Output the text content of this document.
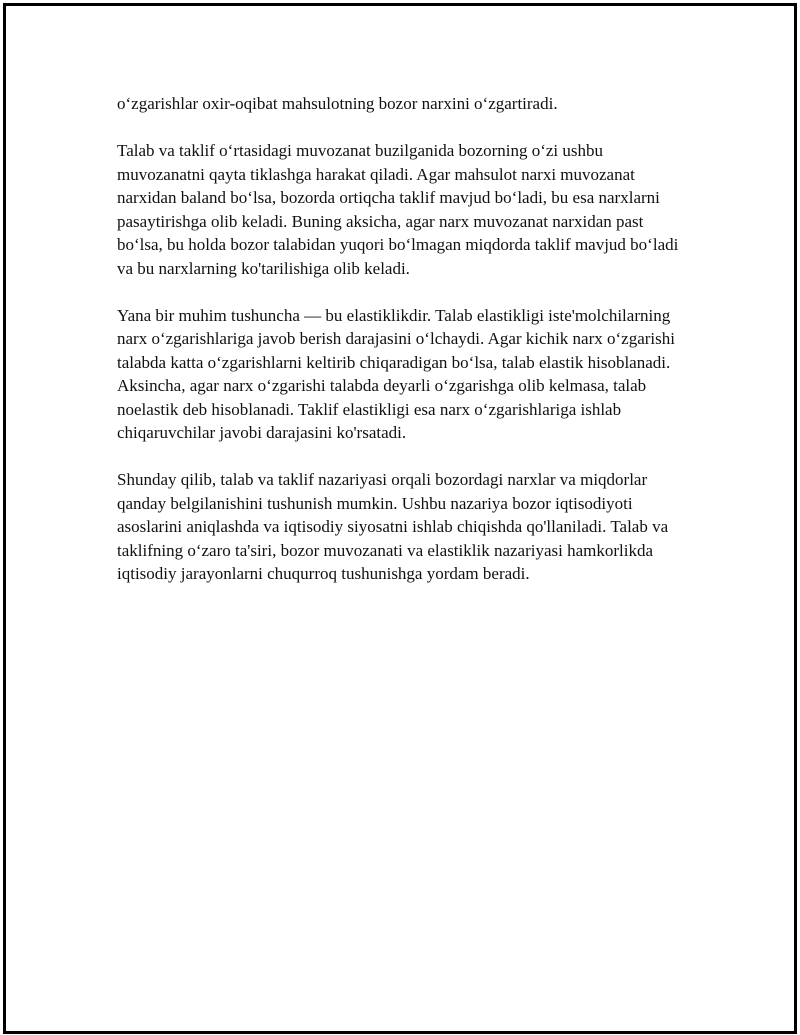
o‘zgarishlar oxir-oqibat mahsulotning bozor narxini o‘zgartiradi.

Talab va taklif o‘rtasidagi muvozanat buzilganida bozorning o‘zi ushbu muvozanatni qayta tiklashga harakat qiladi. Agar mahsulot narxi muvozanat narxidan baland bo‘lsa, bozorda ortiqcha taklif mavjud bo‘ladi, bu esa narxlarni pasaytirishga olib keladi. Buning aksicha, agar narx muvozanat narxidan past bo‘lsa, bu holda bozor talabidan yuqori bo‘lmagan miqdorda taklif mavjud bo‘ladi va bu narxlarning ko'tarilishiga olib keladi.

Yana bir muhim tushuncha — bu elastiklikdir. Talab elastikligi iste'molchilarning narx o‘zgarishlariga javob berish darajasini o‘lchaydi. Agar kichik narx o‘zgarishi talabda katta o‘zgarishlarni keltirib chiqaradigan bo‘lsa, talab elastik hisoblanadi. Aksincha, agar narx o‘zgarishi talabda deyarli o‘zgarishga olib kelmasa, talab noelastik deb hisoblanadi. Taklif elastikligi esa narx o‘zgarishlariga ishlab chiqaruvchilar javobi darajasini ko'rsatadi.

Shunday qilib, talab va taklif nazariyasi orqali bozordagi narxlar va miqdorlar qanday belgilanishini tushunish mumkin. Ushbu nazariya bozor iqtisodiyoti asoslarini aniqlashda va iqtisodiy siyosatni ishlab chiqishda qo'llaniladi. Talab va taklifning o‘zaro ta'siri, bozor muvozanati va elastiklik nazariyasi hamkorlikda iqtisodiy jarayonlarni chuqurroq tushunishga yordam beradi.
